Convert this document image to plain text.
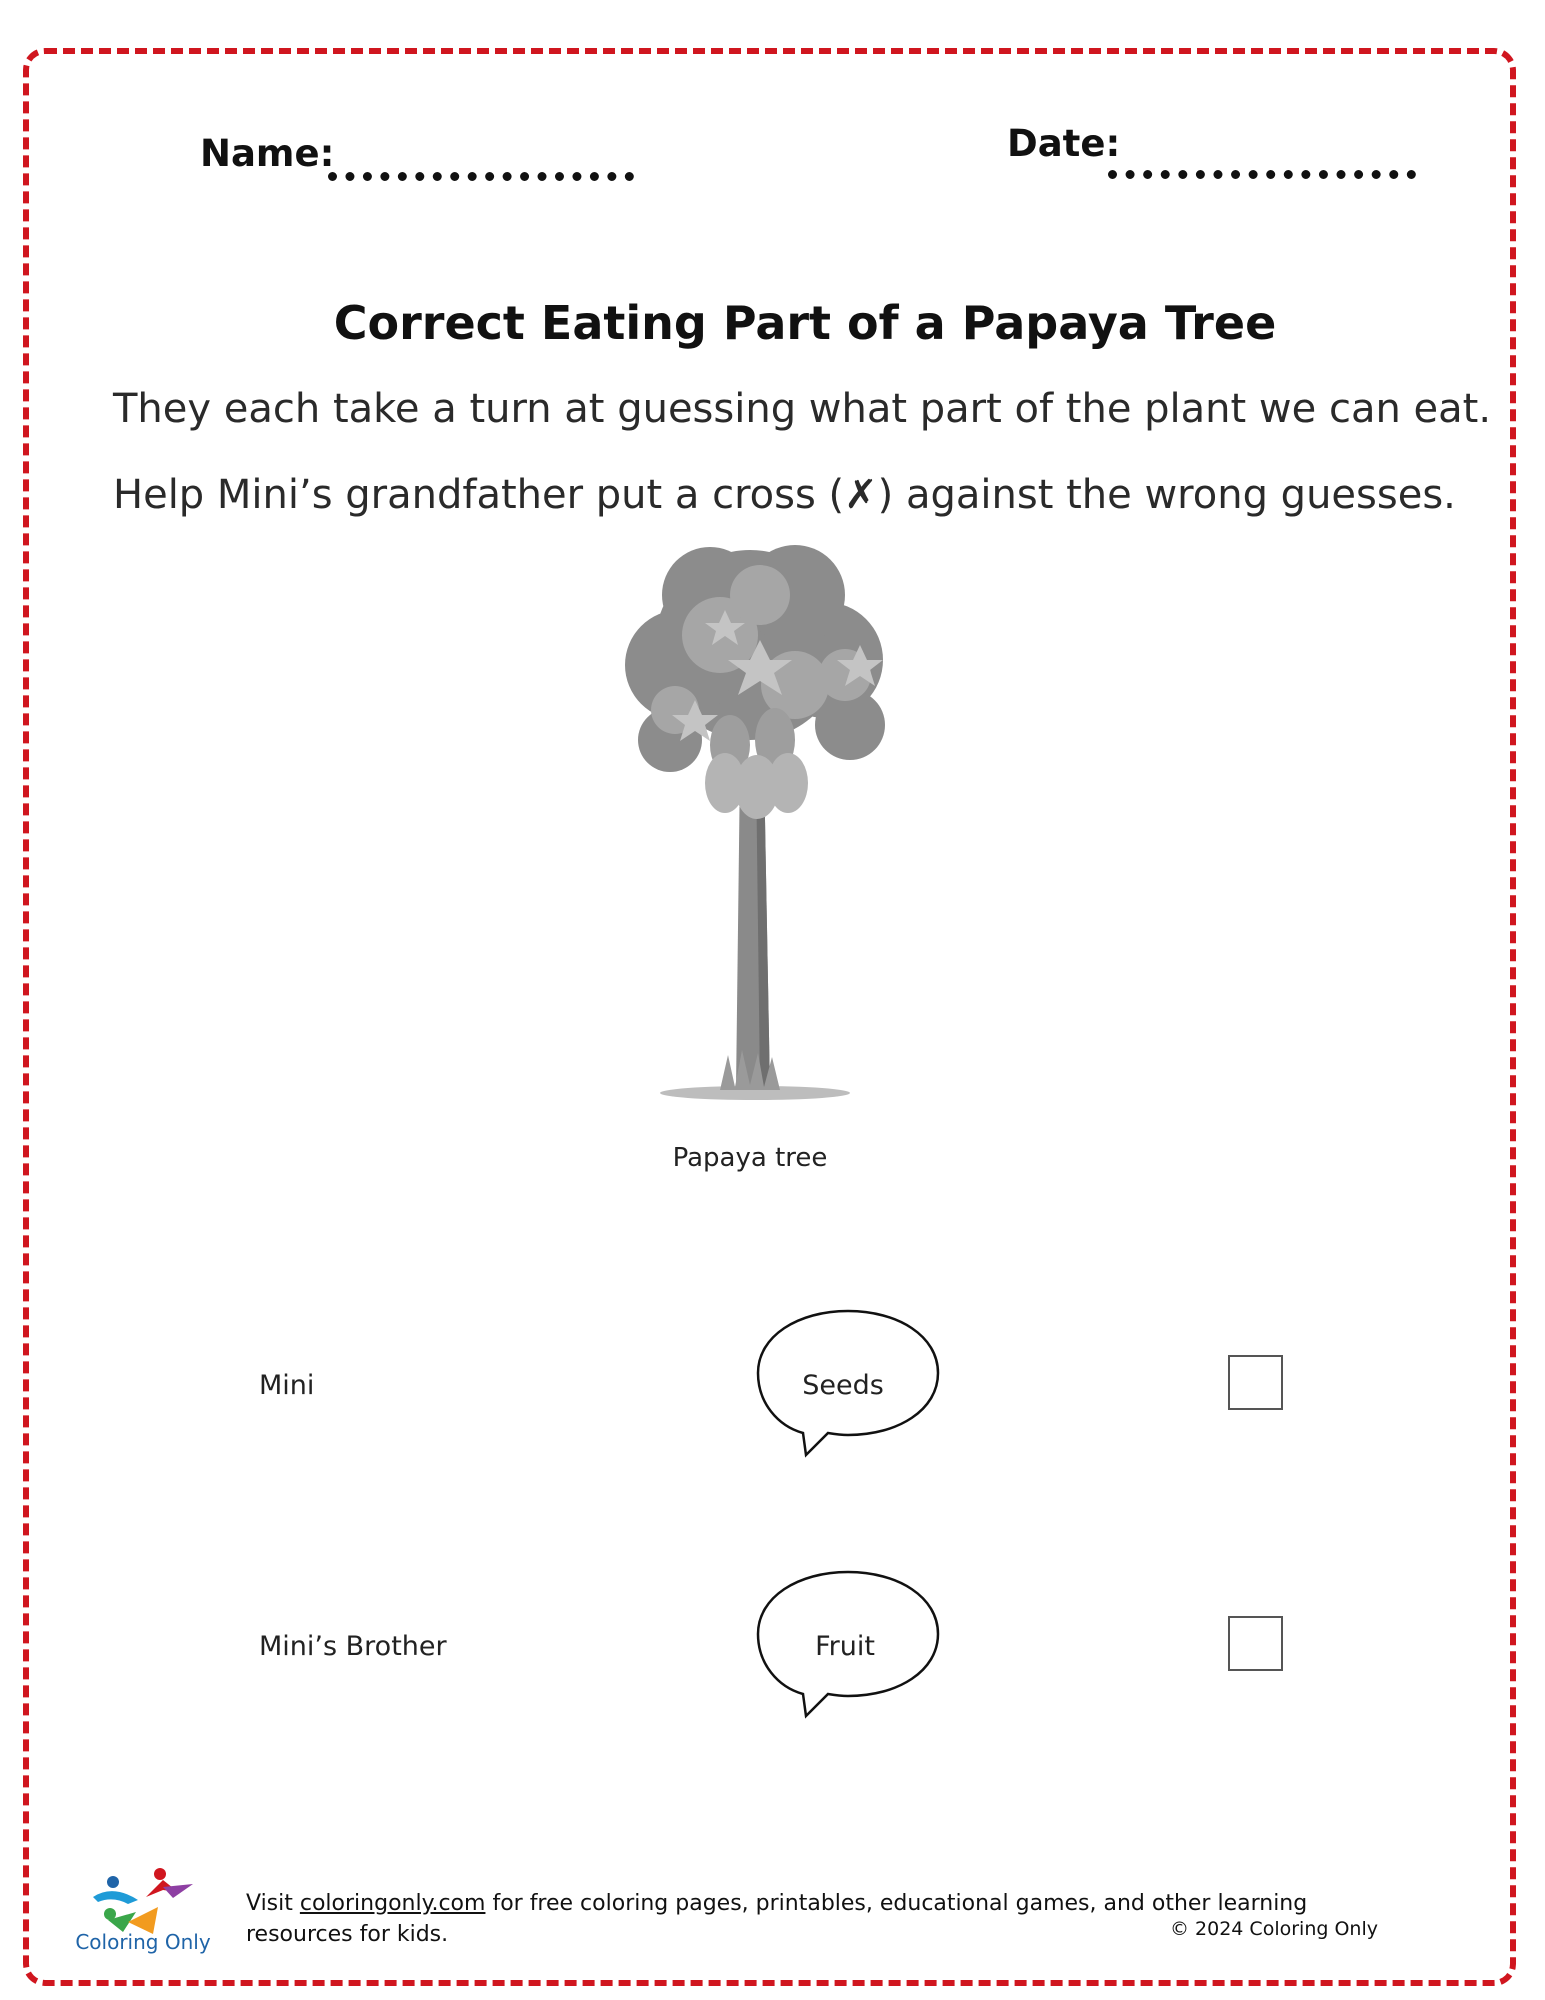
Name:	Date:
Correct Eating Part of a Papaya Tree
They each take a turn at guessing what part of the plant we can eat.
Help Mini’s grandfather put a cross (✗) against the wrong guesses.
Papaya tree
Mini	Seeds
Mini’s Brother	Fruit
Coloring Only
Visit coloringonly.com for free coloring pages, printables, educational games, and other learning resources for kids.	© 2024 Coloring Only
